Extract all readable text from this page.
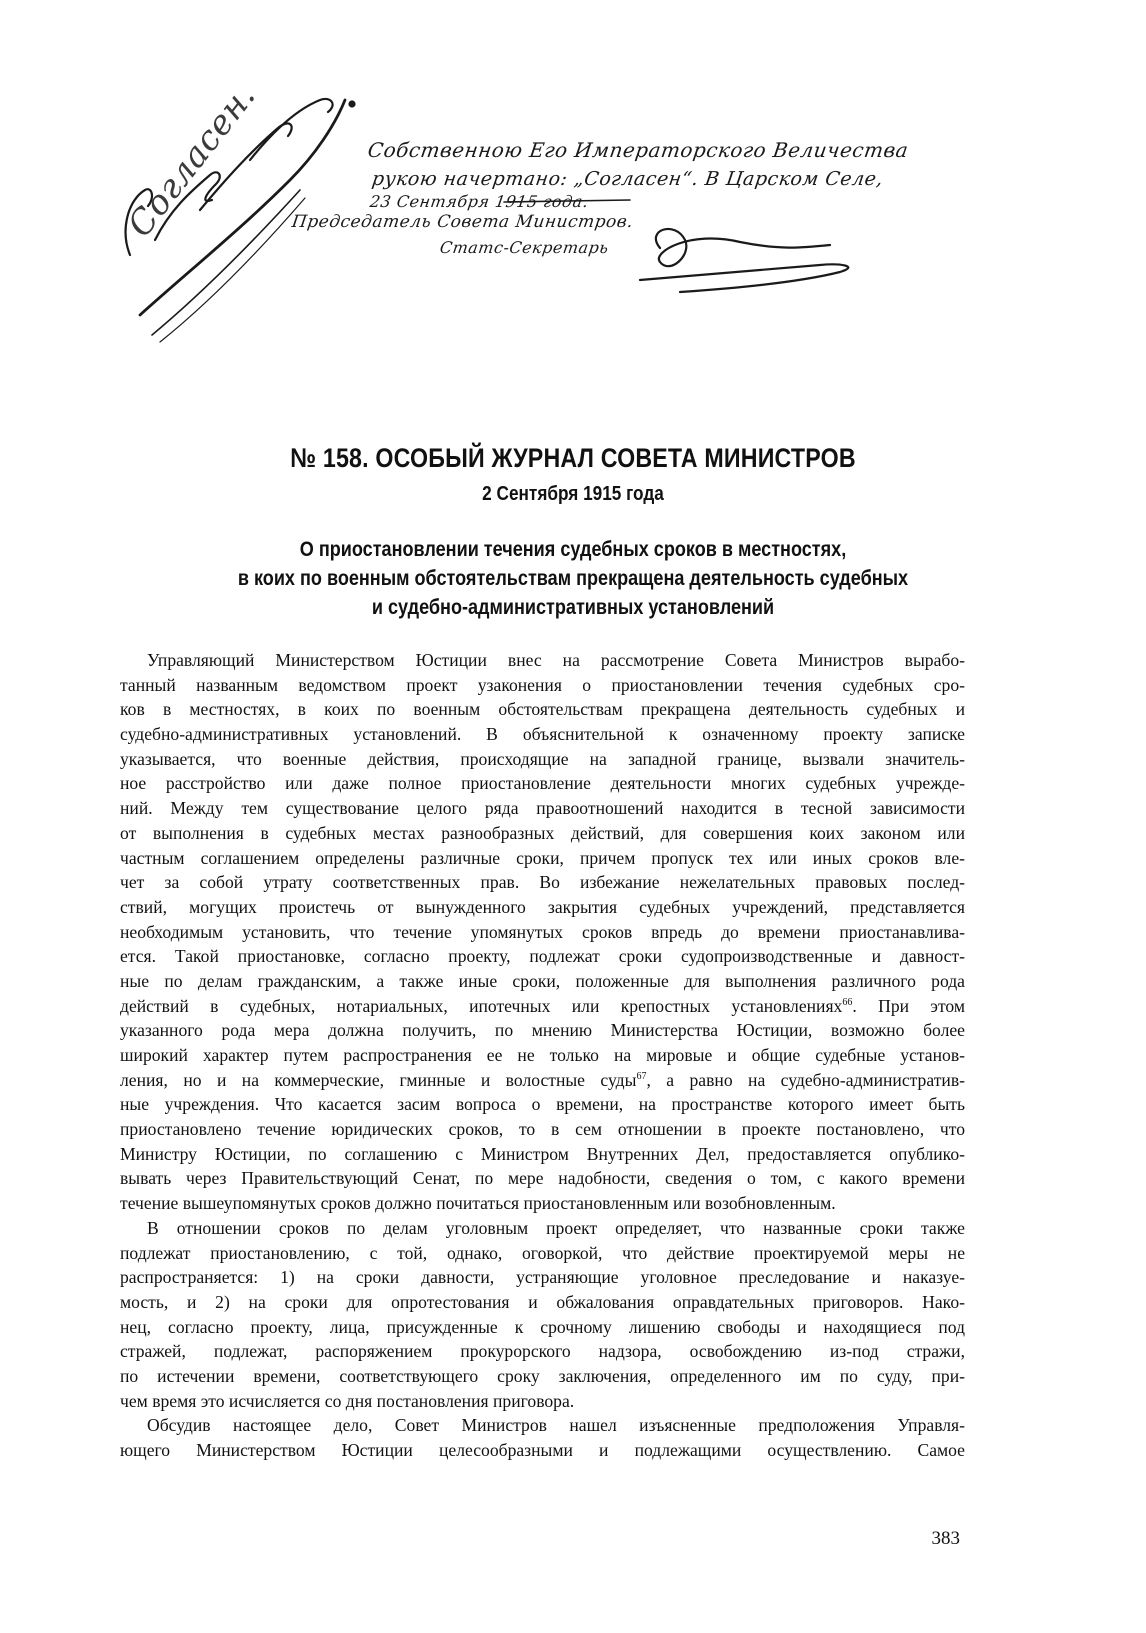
Собственною Его Императорского Величества
рукою начертано: „Согласен“. В Царском Селе,
23 Сентября 1915 года.
Председатель Совета Министров.
Статс-Секретарь
Согласен.
№ 158. ОСОБЫЙ ЖУРНАЛ СОВЕТА МИНИСТРОВ
2 Сентября 1915 года
О приостановлении течения судебных сроков в местностях,
в коих по военным обстоятельствам прекращена деятельность судебных
и судебно-административных установлений
Управляющий Министерством Юстиции внес на рассмотрение Совета Министров вырабо-
танный названным ведомством проект узаконения о приостановлении течения судебных сро-
ков в местностях, в коих по военным обстоятельствам прекращена деятельность судебных и
судебно-административных установлений. В объяснительной к означенному проекту записке
указывается, что военные действия, происходящие на западной границе, вызвали значитель-
ное расстройство или даже полное приостановление деятельности многих судебных учрежде-
ний. Между тем существование целого ряда правоотношений находится в тесной зависимости
от выполнения в судебных местах разнообразных действий, для совершения коих законом или
частным соглашением определены различные сроки, причем пропуск тех или иных сроков вле-
чет за собой утрату соответственных прав. Во избежание нежелательных правовых послед-
ствий, могущих проистечь от вынужденного закрытия судебных учреждений, представляется
необходимым установить, что течение упомянутых сроков впредь до времени приостанавлива-
ется. Такой приостановке, согласно проекту, подлежат сроки судопроизводственные и давност-
ные по делам гражданским, а также иные сроки, положенные для выполнения различного рода
действий в судебных, нотариальных, ипотечных или крепостных установлениях$^{66}$. При этом
указанного рода мера должна получить, по мнению Министерства Юстиции, возможно более
широкий характер путем распространения ее не только на мировые и общие судебные установ-
ления, но и на коммерческие, гминные и волостные суды$^{67}$, а равно на судебно-административ-
ные учреждения. Что касается засим вопроса о времени, на пространстве которого имеет быть
приостановлено течение юридических сроков, то в сем отношении в проекте постановлено, что
Министру Юстиции, по соглашению с Министром Внутренних Дел, предоставляется опублико-
вывать через Правительствующий Сенат, по мере надобности, сведения о том, с какого времени
течение вышеупомянутых сроков должно почитаться приостановленным или возобновленным.
В отношении сроков по делам уголовным проект определяет, что названные сроки также
подлежат приостановлению, с той, однако, оговоркой, что действие проектируемой меры не
распространяется: 1) на сроки давности, устраняющие уголовное преследование и наказуе-
мость, и 2) на сроки для опротестования и обжалования оправдательных приговоров. Нако-
нец, согласно проекту, лица, присужденные к срочному лишению свободы и находящиеся под
стражей, подлежат, распоряжением прокурорского надзора, освобождению из-под стражи,
по истечении времени, соответствующего сроку заключения, определенного им по суду, при-
чем время это исчисляется со дня постановления приговора.
Обсудив настоящее дело, Совет Министров нашел изъясненные предположения Управля-
ющего Министерством Юстиции целесообразными и подлежащими осуществлению. Самое
383
